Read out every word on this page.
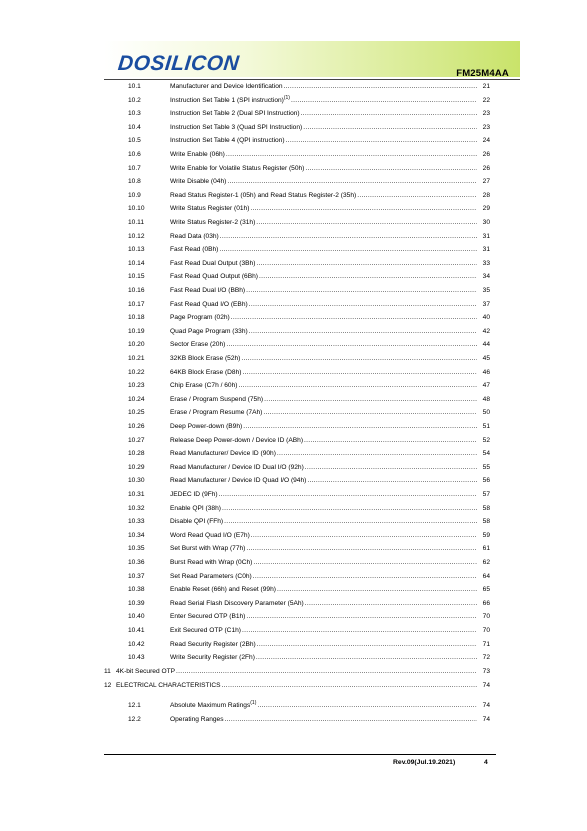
DOSILICON	FM25M4AA
10.1	Manufacturer and Device Identification .....	21
10.2	Instruction Set Table 1 (SPI instruction)$^{(1)}$ .....	22
10.3	Instruction Set Table 2 (Dual SPI Instruction) .....	23
10.4	Instruction Set Table 3 (Quad SPI Instruction) .....	23
10.5	Instruction Set Table 4 (QPI instruction) .....	24
10.6	Write Enable (06h) .....	26
10.7	Write Enable for Volatile Status Register (50h) .....	26
10.8	Write Disable (04h) .....	27
10.9	Read Status Register-1 (05h) and Read Status Register-2 (35h) .....	28
10.10	Write Status Register (01h) .....	29
10.11	Write Status Register-2 (31h) .....	30
10.12	Read Data (03h) .....	31
10.13	Fast Read (0Bh) .....	31
10.14	Fast Read Dual Output (3Bh) .....	33
10.15	Fast Read Quad Output (6Bh) .....	34
10.16	Fast Read Dual I/O (BBh) .....	35
10.17	Fast Read Quad I/O (EBh) .....	37
10.18	Page Program (02h) .....	40
10.19	Quad Page Program (33h) .....	42
10.20	Sector Erase (20h) .....	44
10.21	32KB Block Erase (52h) .....	45
10.22	64KB Block Erase (D8h) .....	46
10.23	Chip Erase (C7h / 60h) .....	47
10.24	Erase / Program Suspend (75h) .....	48
10.25	Erase / Program Resume (7Ah) .....	50
10.26	Deep Power-down (B9h) .....	51
10.27	Release Deep Power-down / Device ID (ABh) .....	52
10.28	Read Manufacturer/ Device ID (90h) .....	54
10.29	Read Manufacturer / Device ID Dual I/O (92h) .....	55
10.30	Read Manufacturer / Device ID Quad I/O (94h) .....	56
10.31	JEDEC ID (9Fh) .....	57
10.32	Enable QPI (38h) .....	58
10.33	Disable QPI (FFh) .....	58
10.34	Word Read Quad I/O (E7h) .....	59
10.35	Set Burst with Wrap (77h) .....	61
10.36	Burst Read with Wrap (0Ch) .....	62
10.37	Set Read Parameters (C0h) .....	64
10.38	Enable Reset (66h) and Reset (99h) .....	65
10.39	Read Serial Flash Discovery Parameter (5Ah) .....	66
10.40	Enter Secured OTP (B1h) .....	70
10.41	Exit Secured OTP (C1h) .....	70
10.42	Read Security Register (2Bh) .....	71
10.43	Write Security Register (2Fh) .....	72
11 4K-bit Secured OTP .....	73
12 ELECTRICAL CHARACTERISTICS .....	74
12.1	Absolute Maximum Ratings$^{(1)}$ .....	74
12.2	Operating Ranges .....	74
Rev.09(Jul.19.2021)	4
